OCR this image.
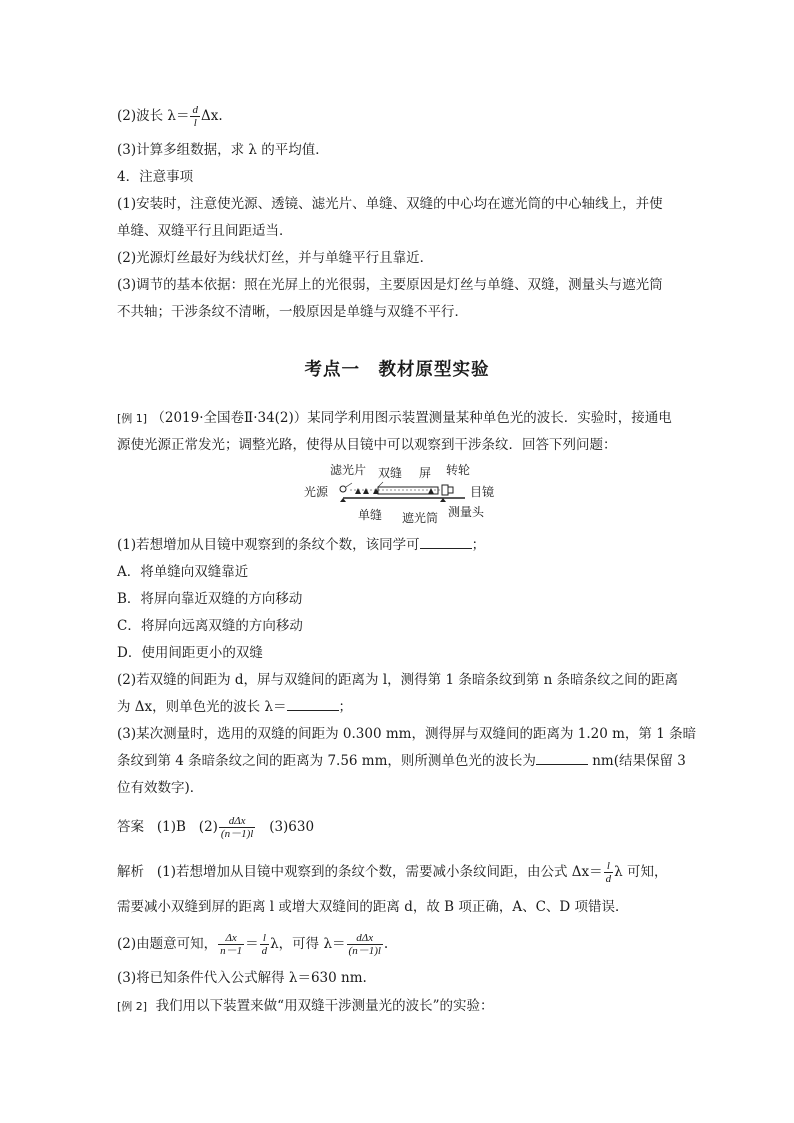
(2)波长 $\lambda= \frac{d}{l} \Delta x$.
(3)计算多组数据，求 λ 的平均值．
4．注意事项
(1)安装时，注意使光源、透镜、滤光片、单缝、双缝的中心均在遮光筒的中心轴线上，并使
单缝、双缝平行且间距适当．
(2)光源灯丝最好为线状灯丝，并与单缝平行且靠近．
(3)调节的基本依据：照在光屏上的光很弱，主要原因是灯丝与单缝、双缝，测量头与遮光筒
不共轴；干涉条纹不清晰，一般原因是单缝与双缝不平行．
考点一　教材原型实验
[例 1] （2019·全国卷Ⅱ·34(2)）某同学利用图示装置测量某种单色光的波长．实验时，接通电
源使光源正常发光；调整光路，使得从目镜中可以观察到干涉条纹．回答下列问题：
滤光片 双缝 屏 转轮
光源	目镜
单缝 遮光筒 测量头
(1)若想增加从目镜中观察到的条纹个数，该同学可	；
A．将单缝向双缝靠近
B．将屏向靠近双缝的方向移动
C．将屏向远离双缝的方向移动
D．使用间距更小的双缝
(2)若双缝的间距为 d，屏与双缝间的距离为 l，测得第 1 条暗条纹到第 n 条暗条纹之间的距离
为 Δx，则单色光的波长 λ＝	；
(3)某次测量时，选用的双缝的间距为 0.300 mm，测得屏与双缝间的距离为 1.20 m，第 1 条暗
条纹到第 4 条暗条纹之间的距离为 7.56 mm，则所测单色光的波长为	nm(结果保留 3
位有效数字)．
答案 (1)B $(2) \frac{\text{dΔx}}{(n-1)l} (3)630$
解析 (1)若想增加从目镜中观察到的条纹个数，需要减小条纹间距，由公式 $\Delta x= \frac{l}{d}$ λ 可知，
需要减小双缝到屏的距离 l 或增大双缝间的距离 d，故 B 项正确，A、C、D 项错误．
(2)由题意可知， $\frac{\Delta x}{n-1} = \frac{l}{d}$ λ，可得 $\lambda= \frac{\text{dΔx}}{(n-1)l}$ .
(3)将已知条件代入公式解得 λ＝630 nm.
[例 2] 我们用以下装置来做“用双缝干涉测量光的波长”的实验：
